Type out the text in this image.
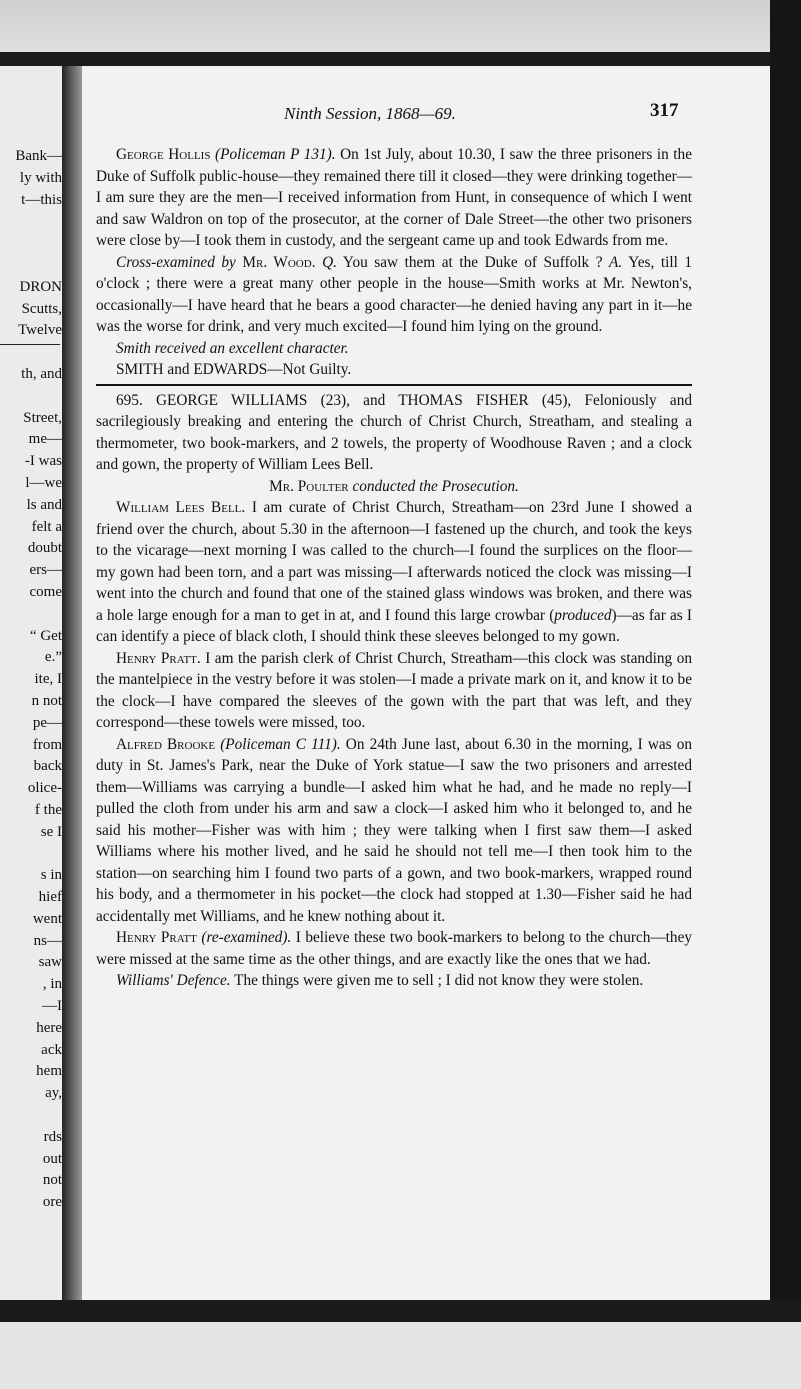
Bank—
ly with
t—this
DRON
Scutts,
Twelve
th, and
Street,
me—
-I was
l—we
ls and
felt a
doubt
ers—
come
“ Get
e.”
ite, I
n not
pe—
from
back
olice-
f the
se I
s in
hief
went
ns—
saw
, in
—I
here
ack
hem
ay,
rds
out
not
ore
Ninth Session, 1868—69.	317

George Hollis (Policeman P 131). On 1st July, about 10.30, I saw the three prisoners in the Duke of Suffolk public-house—they remained there till it closed—they were drinking together—I am sure they are the men—I received information from Hunt, in consequence of which I went and saw Waldron on top of the prosecutor, at the corner of Dale Street—the other two prisoners were close by—I took them in custody, and the sergeant came up and took Edwards from me.

Cross-examined by Mr. Wood. Q. You saw them at the Duke of Suffolk ? A. Yes, till 1 o'clock ; there were a great many other people in the house—Smith works at Mr. Newton's, occasionally—I have heard that he bears a good character—he denied having any part in it—he was the worse for drink, and very much excited—I found him lying on the ground.

Smith received an excellent character.

SMITH and EDWARDS—Not Guilty.

695. GEORGE WILLIAMS (23), and THOMAS FISHER (45), Feloniously and sacrilegiously breaking and entering the church of Christ Church, Streatham, and stealing a thermometer, two book-markers, and 2 towels, the property of Woodhouse Raven ; and a clock and gown, the property of William Lees Bell.

Mr. Poulter conducted the Prosecution.

William Lees Bell. I am curate of Christ Church, Streatham—on 23rd June I showed a friend over the church, about 5.30 in the afternoon—I fastened up the church, and took the keys to the vicarage—next morning I was called to the church—I found the surplices on the floor—my gown had been torn, and a part was missing—I afterwards noticed the clock was missing—I went into the church and found that one of the stained glass windows was broken, and there was a hole large enough for a man to get in at, and I found this large crowbar (produced)—as far as I can identify a piece of black cloth, I should think these sleeves belonged to my gown.

Henry Pratt. I am the parish clerk of Christ Church, Streatham—this clock was standing on the mantelpiece in the vestry before it was stolen—I made a private mark on it, and know it to be the clock—I have compared the sleeves of the gown with the part that was left, and they correspond—these towels were missed, too.

Alfred Brooke (Policeman C 111). On 24th June last, about 6.30 in the morning, I was on duty in St. James's Park, near the Duke of York statue—I saw the two prisoners and arrested them—Williams was carrying a bundle—I asked him what he had, and he made no reply—I pulled the cloth from under his arm and saw a clock—I asked him who it belonged to, and he said his mother—Fisher was with him ; they were talking when I first saw them—I asked Williams where his mother lived, and he said he should not tell me—I then took him to the station—on searching him I found two parts of a gown, and two book-markers, wrapped round his body, and a thermometer in his pocket—the clock had stopped at 1.30—Fisher said he had accidentally met Williams, and he knew nothing about it.

Henry Pratt (re-examined). I believe these two book-markers to belong to the church—they were missed at the same time as the other things, and are exactly like the ones that we had.

Williams' Defence. The things were given me to sell ; I did not know they were stolen.
